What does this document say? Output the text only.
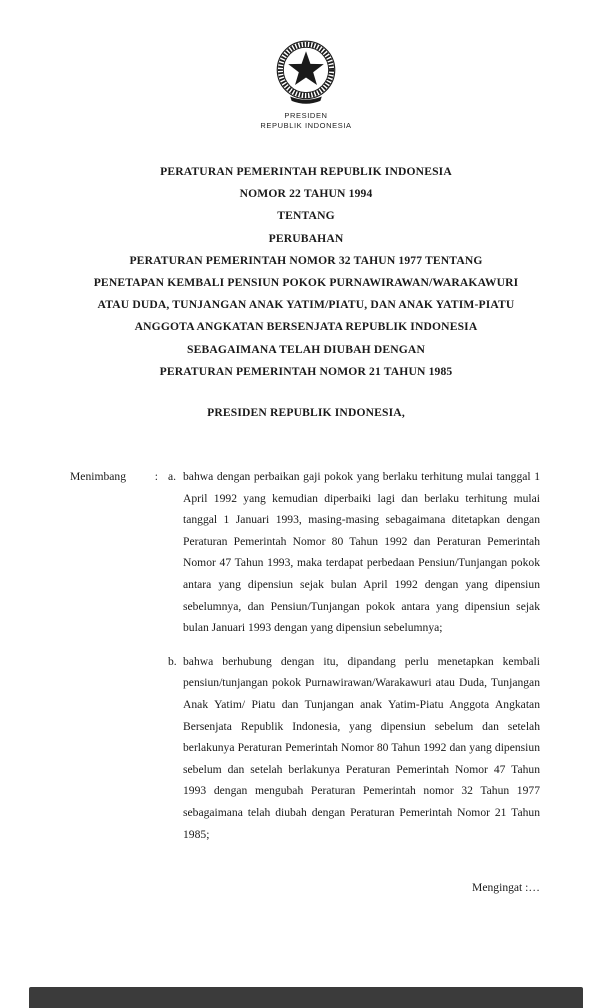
PRESIDEN
REPUBLIK INDONESIA
PERATURAN PEMERINTAH REPUBLIK INDONESIA
NOMOR 22 TAHUN 1994
TENTANG
PERUBAHAN
PERATURAN PEMERINTAH NOMOR 32 TAHUN 1977 TENTANG
PENETAPAN KEMBALI PENSIUN POKOK PURNAWIRAWAN/WARAKAWURI
ATAU DUDA, TUNJANGAN ANAK YATIM/PIATU, DAN ANAK YATIM-PIATU
ANGGOTA ANGKATAN BERSENJATA REPUBLIK INDONESIA
SEBAGAIMANA TELAH DIUBAH DENGAN
PERATURAN PEMERINTAH NOMOR 21 TAHUN 1985
PRESIDEN REPUBLIK INDONESIA,
Menimbang : a. bahwa dengan perbaikan gaji pokok yang berlaku terhitung mulai tanggal 1 April 1992 yang kemudian diperbaiki lagi dan berlaku terhitung mulai tanggal 1 Januari 1993, masing-masing sebagaimana ditetapkan dengan Peraturan Pemerintah Nomor 80 Tahun 1992 dan Peraturan Pemerintah Nomor 47 Tahun 1993, maka terdapat perbedaan Pensiun/Tunjangan pokok antara yang dipensiun sejak bulan April 1992 dengan yang dipensiun sebelumnya, dan Pensiun/Tunjangan pokok antara yang dipensiun sejak bulan Januari 1993 dengan yang dipensiun sebelumnya;
b. bahwa berhubung dengan itu, dipandang perlu menetapkan kembali pensiun/tunjangan pokok Purnawirawan/Warakawuri atau Duda, Tunjangan Anak Yatim/ Piatu dan Tunjangan anak Yatim-Piatu Anggota Angkatan Bersenjata Republik Indonesia, yang dipensiun sebelum dan setelah berlakunya Peraturan Pemerintah Nomor 80 Tahun 1992 dan yang dipensiun sebelum dan setelah berlakunya Peraturan Pemerintah Nomor 47 Tahun 1993 dengan mengubah Peraturan Pemerintah nomor 32 Tahun 1977 sebagaimana telah diubah dengan Peraturan Pemerintah Nomor 21 Tahun 1985;
Mengingat :…
